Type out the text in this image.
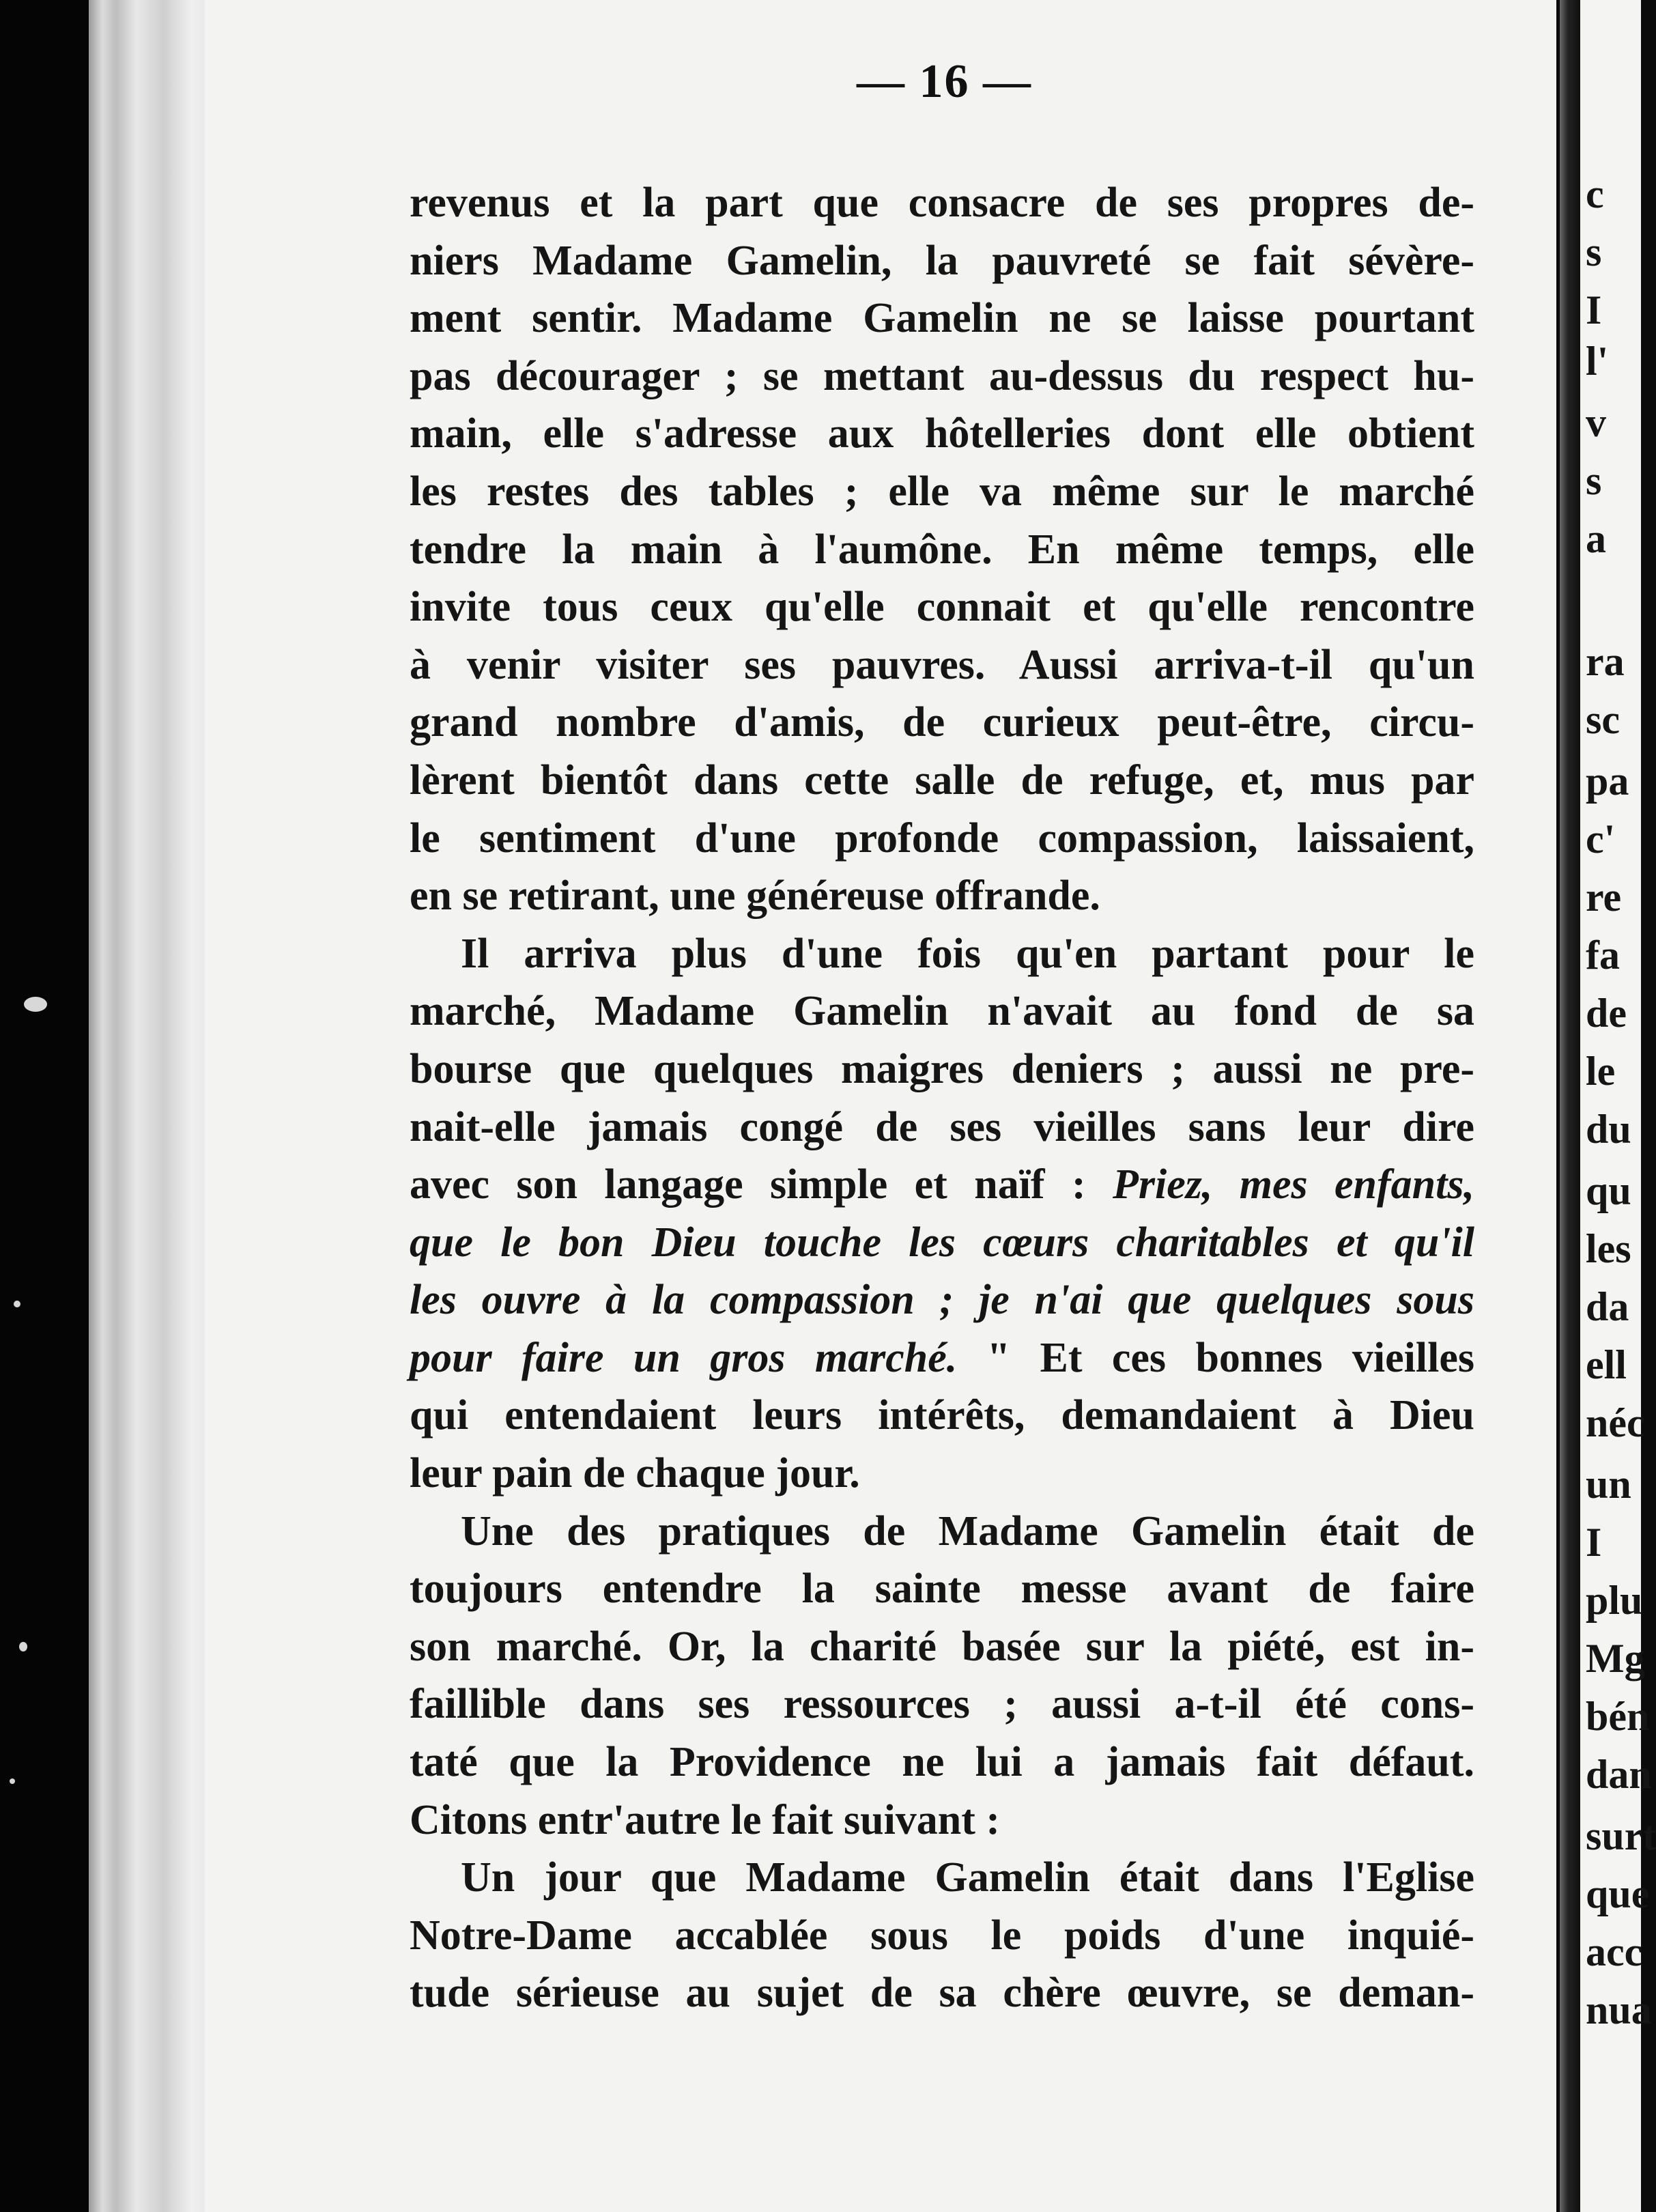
— 16 —
revenus et la part que consacre de ses propres de-
niers Madame Gamelin, la pauvreté se fait sévère-
ment sentir. Madame Gamelin ne se laisse pourtant
pas décourager ; se mettant au-dessus du respect hu-
main, elle s'adresse aux hôtelleries dont elle obtient
les restes des tables ; elle va même sur le marché
tendre la main à l'aumône. En même temps, elle
invite tous ceux qu'elle connait et qu'elle rencontre
à venir visiter ses pauvres. Aussi arriva-t-il qu'un
grand nombre d'amis, de curieux peut-être, circu-
lèrent bientôt dans cette salle de refuge, et, mus par
le sentiment d'une profonde compassion, laissaient,
en se retirant, une généreuse offrande.
Il arriva plus d'une fois qu'en partant pour le
marché, Madame Gamelin n'avait au fond de sa
bourse que quelques maigres deniers ; aussi ne pre-
nait-elle jamais congé de ses vieilles sans leur dire
avec son langage simple et naïf : Priez, mes enfants,
que le bon Dieu touche les cœurs charitables et qu'il
les ouvre à la compassion ; je n'ai que quelques sous
pour faire un gros marché. " Et ces bonnes vieilles
qui entendaient leurs intérêts, demandaient à Dieu
leur pain de chaque jour.
Une des pratiques de Madame Gamelin était de
toujours entendre la sainte messe avant de faire
son marché. Or, la charité basée sur la piété, est in-
faillible dans ses ressources ; aussi a-t-il été cons-
taté que la Providence ne lui a jamais fait défaut.
Citons entr'autre le fait suivant :
Un jour que Madame Gamelin était dans l'Eglise
Notre-Dame accablée sous le poids d'une inquié-
tude sérieuse au sujet de sa chère œuvre, se deman-
c
s
I
l'
v
s
a
ra
sc
pa
c'
re
fa
de
le
du
qu
les
da
ell
néc
un
I
plu
Mg
bén
dan
surt
que
acc
nua
